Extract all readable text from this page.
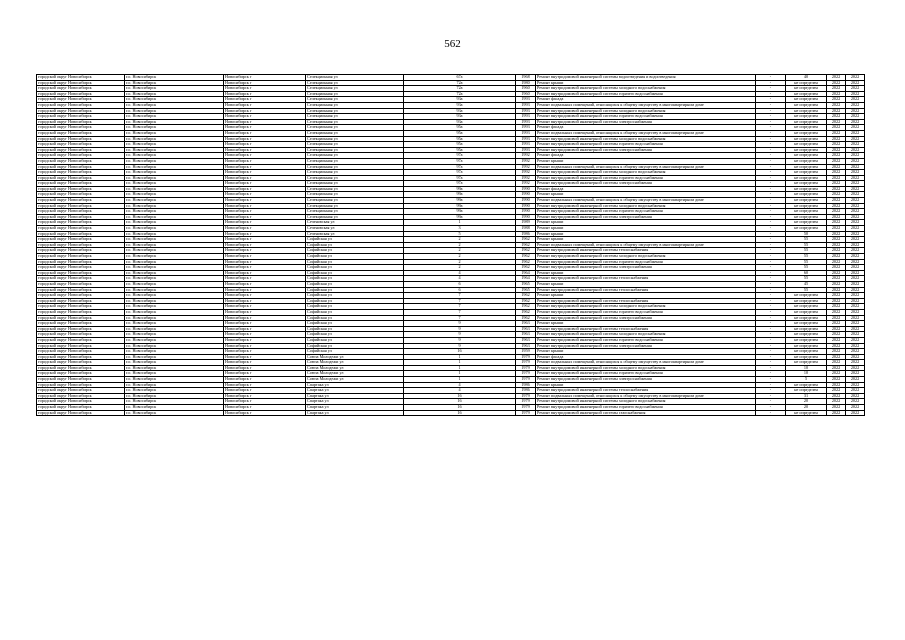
562
городской округ Новосибирск	г.о. Новосибирск	Новосибирск г	Селекционная ул	67а	1968	Ремонт внутридомовой инженерной системы водоотведения и водоотведения	-	40	2022	2022
городской округ Новосибирск	г.о. Новосибирск	Новосибирск г	Селекционная ул	72а	1980	Ремонт крыши	-	не определен	2022	2022
городской округ Новосибирск	г.о. Новосибирск	Новосибирск г	Селекционная ул	72а	1960	Ремонт внутридомовой инженерной системы холодного водоснабжения	-	не определен	2022	2022
городской округ Новосибирск	г.о. Новосибирск	Новосибирск г	Селекционная ул	72а	1960	Ремонт внутридомовой инженерной системы горячего водоснабжения	-	не определен	2022	2022
городской округ Новосибирск	г.о. Новосибирск	Новосибирск г	Селекционная ул	93а	1993	Ремонт фасада	-	не определен	2022	2022
городской округ Новосибирск	г.о. Новосибирск	Новосибирск г	Селекционная ул	93а	1993	Ремонт подвальных помещений, относящихся к общему имуществу в многоквартирном доме	-	не определен	2022	2022
городской округ Новосибирск	г.о. Новосибирск	Новосибирск г	Селекционная ул	93а	1993	Ремонт внутридомовой инженерной системы холодного водоснабжения	-	не определен	2022	2022
городской округ Новосибирск	г.о. Новосибирск	Новосибирск г	Селекционная ул	93а	1993	Ремонт внутридомовой инженерной системы горячего водоснабжения	-	не определен	2022	2022
городской округ Новосибирск	г.о. Новосибирск	Новосибирск г	Селекционная ул	93а	1993	Ремонт внутридомовой инженерной системы электроснабжения	-	не определен	2022	2022
городской округ Новосибирск	г.о. Новосибирск	Новосибирск г	Селекционная ул	95а	1993	Ремонт фасада	-	не определен	2022	2022
городской округ Новосибирск	г.о. Новосибирск	Новосибирск г	Селекционная ул	95а	1993	Ремонт подвальных помещений, относящихся к общему имуществу в многоквартирном доме	-	не определен	2022	2022
городской округ Новосибирск	г.о. Новосибирск	Новосибирск г	Селекционная ул	95а	1993	Ремонт внутридомовой инженерной системы холодного водоснабжения	-	не определен	2022	2022
городской округ Новосибирск	г.о. Новосибирск	Новосибирск г	Селекционная ул	95а	1993	Ремонт внутридомовой инженерной системы горячего водоснабжения	-	не определен	2022	2022
городской округ Новосибирск	г.о. Новосибирск	Новосибирск г	Селекционная ул	95а	1993	Ремонт внутридомовой инженерной системы электроснабжения	-	не определен	2022	2022
городской округ Новосибирск	г.о. Новосибирск	Новосибирск г	Селекционная ул	97а	1992	Ремонт фасада	-	не определен	2022	2022
городской округ Новосибирск	г.о. Новосибирск	Новосибирск г	Селекционная ул	97а	1992	Ремонт крыши	-	не определен	2022	2022
городской округ Новосибирск	г.о. Новосибирск	Новосибирск г	Селекционная ул	97а	1992	Ремонт подвальных помещений, относящихся к общему имуществу в многоквартирном доме	-	не определен	2022	2022
городской округ Новосибирск	г.о. Новосибирск	Новосибирск г	Селекционная ул	97а	1992	Ремонт внутридомовой инженерной системы холодного водоснабжения	-	не определен	2022	2022
городской округ Новосибирск	г.о. Новосибирск	Новосибирск г	Селекционная ул	97а	1992	Ремонт внутридомовой инженерной системы горячего водоснабжения	-	не определен	2022	2022
городской округ Новосибирск	г.о. Новосибирск	Новосибирск г	Селекционная ул	97а	1992	Ремонт внутридомовой инженерной системы электроснабжения	-	не определен	2022	2022
городской округ Новосибирск	г.о. Новосибирск	Новосибирск г	Селекционная ул	99а	1990	Ремонт фасада	-	не определен	2022	2022
городской округ Новосибирск	г.о. Новосибирск	Новосибирск г	Селекционная ул	99а	1990	Ремонт крыши	-	не определен	2022	2022
городской округ Новосибирск	г.о. Новосибирск	Новосибирск г	Селекционная ул	99а	1990	Ремонт подвальных помещений, относящихся к общему имуществу в многоквартирном доме	-	не определен	2022	2022
городской округ Новосибирск	г.о. Новосибирск	Новосибирск г	Селекционная ул	99а	1990	Ремонт внутридомовой инженерной системы холодного водоснабжения	-	не определен	2022	2022
городской округ Новосибирск	г.о. Новосибирск	Новосибирск г	Селекционная ул	99а	1990	Ремонт внутридомовой инженерной системы горячего водоснабжения	-	не определен	2022	2022
городской округ Новосибирск	г.о. Новосибирск	Новосибирск г	Селекционная ул	99а	1990	Ремонт внутридомовой инженерной системы электроснабжения	-	не определен	2022	2022
городской округ Новосибирск	г.о. Новосибирск	Новосибирск г	Сеченовская ул	1	1989	Ремонт крыши	-	не определен	2022	2022
городской округ Новосибирск	г.о. Новосибирск	Новосибирск г	Сеченовская ул	3	1988	Ремонт крыши	-	не определен	2022	2022
городской округ Новосибирск	г.о. Новосибирск	Новосибирск г	Сеченовская ул	5	1986	Ремонт крыши	-	50	2022	2022
городской округ Новосибирск	г.о. Новосибирск	Новосибирск г	Софийская ул	2	1962	Ремонт крыши	-	55	2022	2022
городской округ Новосибирск	г.о. Новосибирск	Новосибирск г	Софийская ул	2	1962	Ремонт подвальных помещений, относящихся к общему имуществу в многоквартирном доме	-	55	2022	2022
городской округ Новосибирск	г.о. Новосибирск	Новосибирск г	Софийская ул	2	1962	Ремонт внутридомовой инженерной системы теплоснабжения	-	55	2022	2022
городской округ Новосибирск	г.о. Новосибирск	Новосибирск г	Софийская ул	2	1962	Ремонт внутридомовой инженерной системы холодного водоснабжения	-	55	2022	2022
городской округ Новосибирск	г.о. Новосибирск	Новосибирск г	Софийская ул	2	1962	Ремонт внутридомовой инженерной системы горячего водоснабжения	-	55	2022	2022
городской округ Новосибирск	г.о. Новосибирск	Новосибирск г	Софийская ул	2	1962	Ремонт внутридомовой инженерной системы электроснабжения	-	55	2022	2022
городской округ Новосибирск	г.о. Новосибирск	Новосибирск г	Софийская ул	4	1964	Ремонт крыши	-	60	2022	2022
городской округ Новосибирск	г.о. Новосибирск	Новосибирск г	Софийская ул	4	1964	Ремонт внутридомовой инженерной системы теплоснабжения	-	55	2022	2022
городской округ Новосибирск	г.о. Новосибирск	Новосибирск г	Софийская ул	6	1965	Ремонт крыши	-	45	2022	2022
городской округ Новосибирск	г.о. Новосибирск	Новосибирск г	Софийская ул	6	1965	Ремонт внутридомовой инженерной системы теплоснабжения	-	55	2022	2022
городской округ Новосибирск	г.о. Новосибирск	Новосибирск г	Софийская ул	7	1962	Ремонт крыши	-	не определен	2022	2022
городской округ Новосибирск	г.о. Новосибирск	Новосибирск г	Софийская ул	7	1962	Ремонт внутридомовой инженерной системы теплоснабжения	-	не определен	2022	2022
городской округ Новосибирск	г.о. Новосибирск	Новосибирск г	Софийская ул	7	1962	Ремонт внутридомовой инженерной системы холодного водоснабжения	-	не определен	2022	2022
городской округ Новосибирск	г.о. Новосибирск	Новосибирск г	Софийская ул	7	1962	Ремонт внутридомовой инженерной системы горячего водоснабжения	-	не определен	2022	2022
городской округ Новосибирск	г.о. Новосибирск	Новосибирск г	Софийская ул	7	1962	Ремонт внутридомовой инженерной системы электроснабжения	-	не определен	2022	2022
городской округ Новосибирск	г.о. Новосибирск	Новосибирск г	Софийская ул	9	1963	Ремонт крыши	-	не определен	2022	2022
городской округ Новосибирск	г.о. Новосибирск	Новосибирск г	Софийская ул	9	1963	Ремонт внутридомовой инженерной системы теплоснабжения	-	не определен	2022	2022
городской округ Новосибирск	г.о. Новосибирск	Новосибирск г	Софийская ул	9	1963	Ремонт внутридомовой инженерной системы холодного водоснабжения	-	не определен	2022	2022
городской округ Новосибирск	г.о. Новосибирск	Новосибирск г	Софийская ул	9	1963	Ремонт внутридомовой инженерной системы горячего водоснабжения	-	не определен	2022	2022
городской округ Новосибирск	г.о. Новосибирск	Новосибирск г	Софийская ул	9	1963	Ремонт внутридомовой инженерной системы электроснабжения	-	не определен	2022	2022
городской округ Новосибирск	г.о. Новосибирск	Новосибирск г	Софийская ул	16	1959	Ремонт крыши	-	не определен	2022	2022
городской округ Новосибирск	г.о. Новосибирск	Новосибирск г	Союза Молодежи ул	1	1979	Ремонт фасада	-	не определен	2022	2022
городской округ Новосибирск	г.о. Новосибирск	Новосибирск г	Союза Молодежи ул	1	1979	Ремонт подвальных помещений, относящихся к общему имуществу в многоквартирном доме	-	не определен	2022	2022
городской округ Новосибирск	г.о. Новосибирск	Новосибирск г	Союза Молодежи ул	1	1979	Ремонт внутридомовой инженерной системы холодного водоснабжения	-	10	2022	2022
городской округ Новосибирск	г.о. Новосибирск	Новосибирск г	Союза Молодежи ул	1	1979	Ремонт внутридомовой инженерной системы горячего водоснабжения	-	10	2022	2022
городской округ Новосибирск	г.о. Новосибирск	Новосибирск г	Союза Молодежи ул	1	1979	Ремонт внутридомовой инженерной системы электроснабжения	-	5	2022	2022
городской округ Новосибирск	г.о. Новосибирск	Новосибирск г	Спартака ул	4	1986	Ремонт крыши	-	не определен	2022	2022
городской округ Новосибирск	г.о. Новосибирск	Новосибирск г	Спартака ул	4	1986	Ремонт внутридомовой инженерной системы теплоснабжения	-	не определен	2022	2022
городской округ Новосибирск	г.о. Новосибирск	Новосибирск г	Спартака ул	16	1979	Ремонт подвальных помещений, относящихся к общему имуществу в многоквартирном доме	-	31	2022	2022
городской округ Новосибирск	г.о. Новосибирск	Новосибирск г	Спартака ул	16	1979	Ремонт внутридомовой инженерной системы холодного водоснабжения	-	20	2022	2022
городской округ Новосибирск	г.о. Новосибирск	Новосибирск г	Спартака ул	16	1979	Ремонт внутридомовой инженерной системы горячего водоснабжения	-	20	2022	2022
городской округ Новосибирск	г.о. Новосибирск	Новосибирск г	Спартака ул	16	1979	Ремонт внутридомовой инженерной системы газоснабжения	-	не определен	2022	2022
